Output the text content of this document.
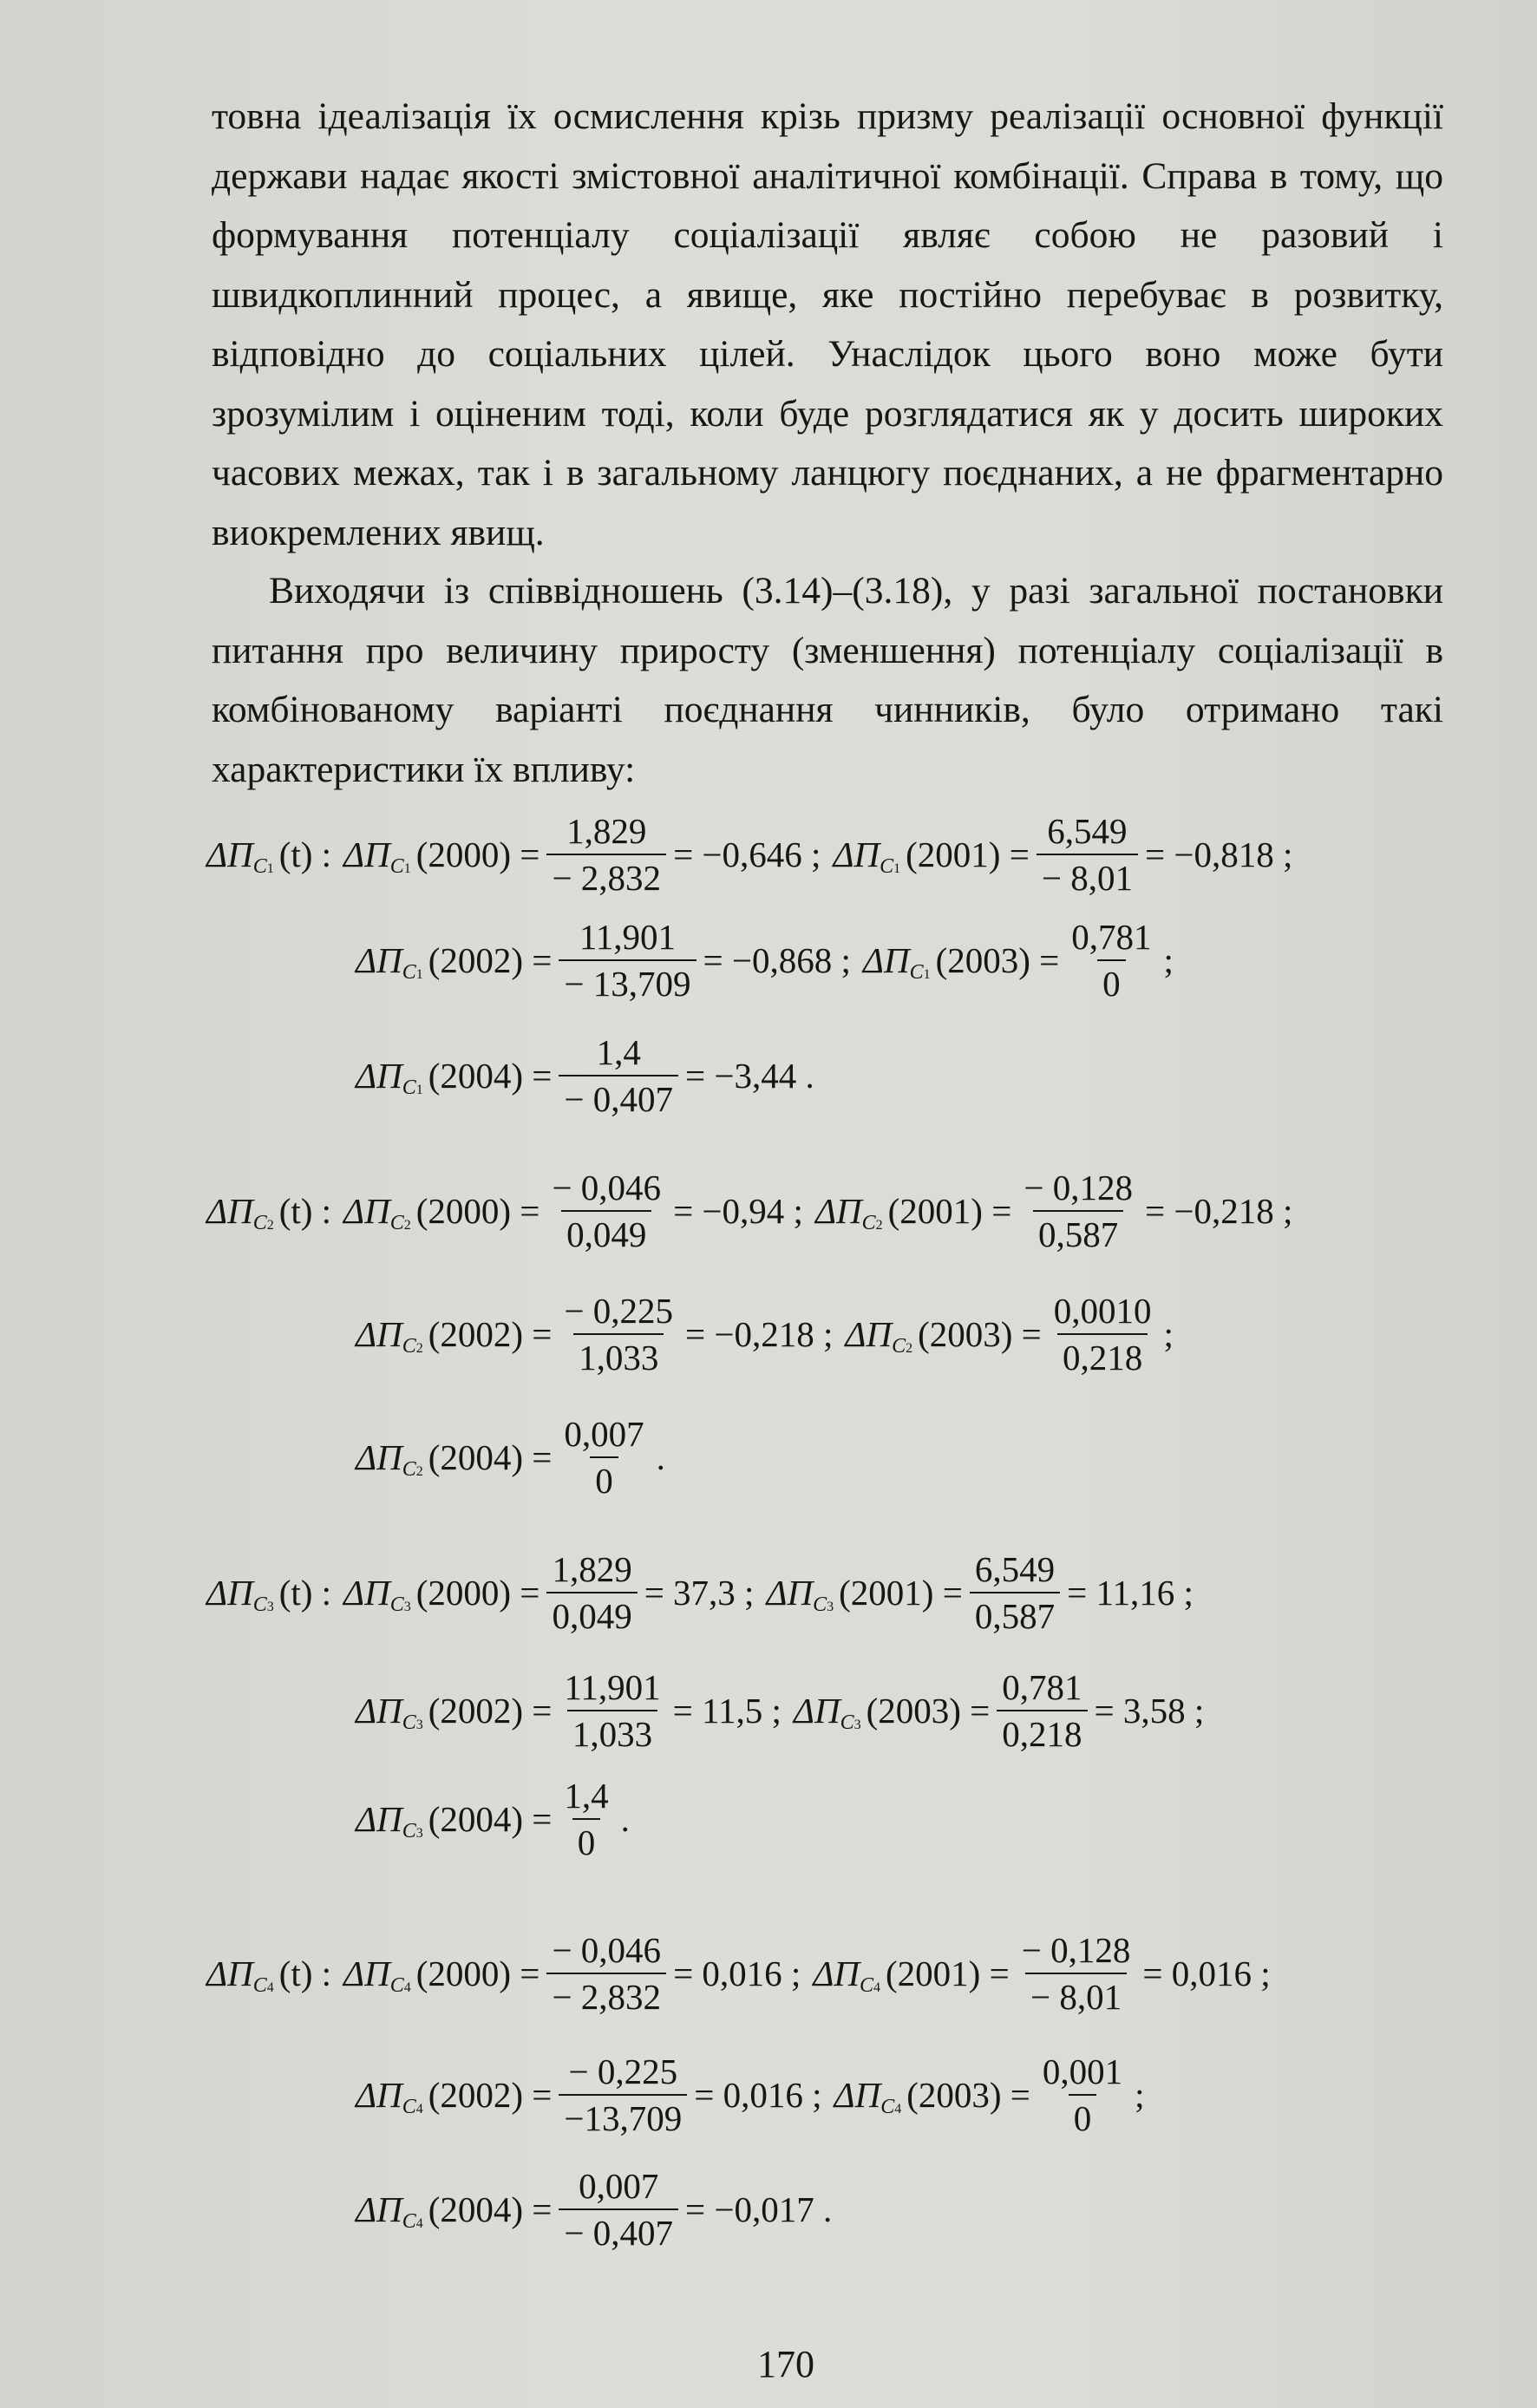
товна ідеалізація їх осмислення крізь призму реалізації основної функції держави надає якості змістовної аналітичної комбінації. Справа в тому, що формування потенціалу соціалізації являє собою не разовий і швидкоплинний процес, а явище, яке постійно перебуває в розвитку, відповідно до соціальних цілей. Унаслідок цього воно може бути зрозумілим і оціненим тоді, коли буде розглядатися як у досить широких часових межах, так і в загальному ланцюгу поєднаних, а не фрагментарно виокремлених явищ.

Виходячи із співвідношень (3.14)–(3.18), у разі загальної постановки питання про величину приросту (зменшення) потенціалу соціалізації в комбінованому варіанті поєднання чинників, було отримано такі характеристики їх впливу:

ΔП C1 (t) : ΔП C1 $(2000) = \frac{1,829}{- 2,832} = -0,646$ ; ΔП C1 $(2001) = \frac{6,549}{- 8,01} = -0,818$ ;
ΔП C1 $(2002) = \frac{11,901}{- 13,709} = -0,868$ ; ΔП C1 $(2003) = \frac{0,781}{0}$ ;
ΔП C1 $(2004) = \frac{1,4}{- 0,407} = -3,44$ .
ΔП C2 (t) : ΔП C2 $(2000) = \frac{- 0,046}{0,049} = -0,94$ ; ΔП C2 $(2001) = \frac{- 0,128}{0,587} = -0,218$ ;
ΔП C2 $(2002) = \frac{- 0,225}{1,033} = -0,218$ ; ΔП C2 $(2003) = \frac{0,0010}{0,218}$ ;
ΔП C2 $(2004) = \frac{0,007}{0}$ .
ΔП C3 (t) : ΔП C3 $(2000) = \frac{1,829}{0,049} = 37,3$ ; ΔП C3 $(2001) = \frac{6,549}{0,587} = 11,16$ ;
ΔП C3 $(2002) = \frac{11,901}{1,033} = 11,5$ ; ΔП C3 $(2003) = \frac{0,781}{0,218} = 3,58$ ;
ΔП C3 $(2004) = \frac{1,4}{0}$ .
ΔП C4 (t) : ΔП C4 $(2000) = \frac{- 0,046}{- 2,832} = 0,016$ ; ΔП C4 $(2001) = \frac{- 0,128}{- 8,01} = 0,016$ ;
ΔП C4 $(2002) = \frac{- 0,225}{-13,709} = 0,016$ ; ΔП C4 $(2003) = \frac{0,001}{0}$ ;
ΔП C4 $(2004) = \frac{0,007}{- 0,407} = -0,017$ .
170
